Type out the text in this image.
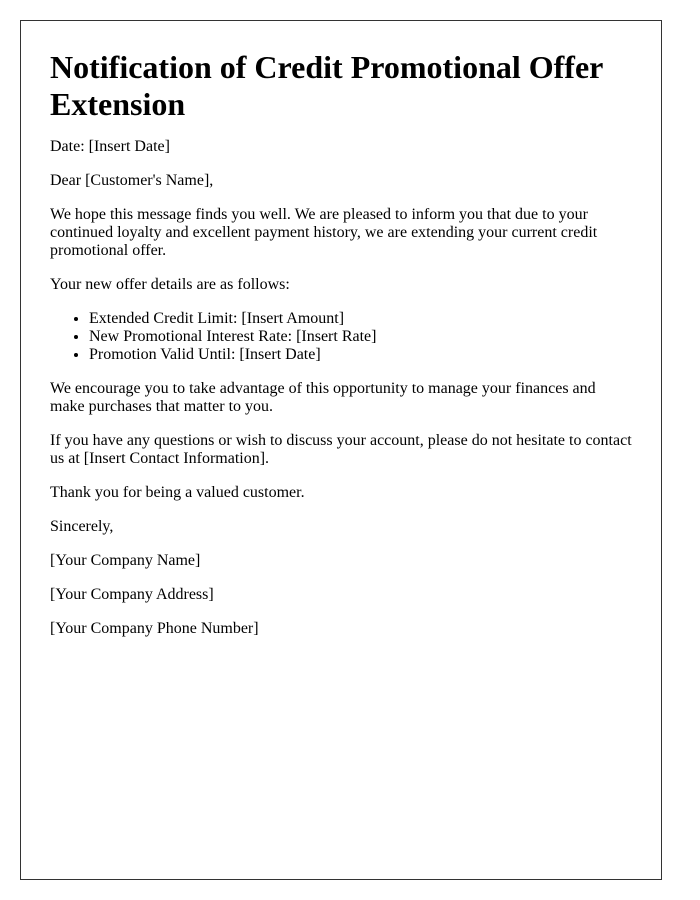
Notification of Credit Promotional Offer Extension

Date: [Insert Date]

Dear [Customer's Name],

We hope this message finds you well. We are pleased to inform you that due to your continued loyalty and excellent payment history, we are extending your current credit promotional offer.

Your new offer details are as follows:

• Extended Credit Limit: [Insert Amount]
• New Promotional Interest Rate: [Insert Rate]
• Promotion Valid Until: [Insert Date]

We encourage you to take advantage of this opportunity to manage your finances and make purchases that matter to you.

If you have any questions or wish to discuss your account, please do not hesitate to contact us at [Insert Contact Information].

Thank you for being a valued customer.

Sincerely,

[Your Company Name]

[Your Company Address]

[Your Company Phone Number]
